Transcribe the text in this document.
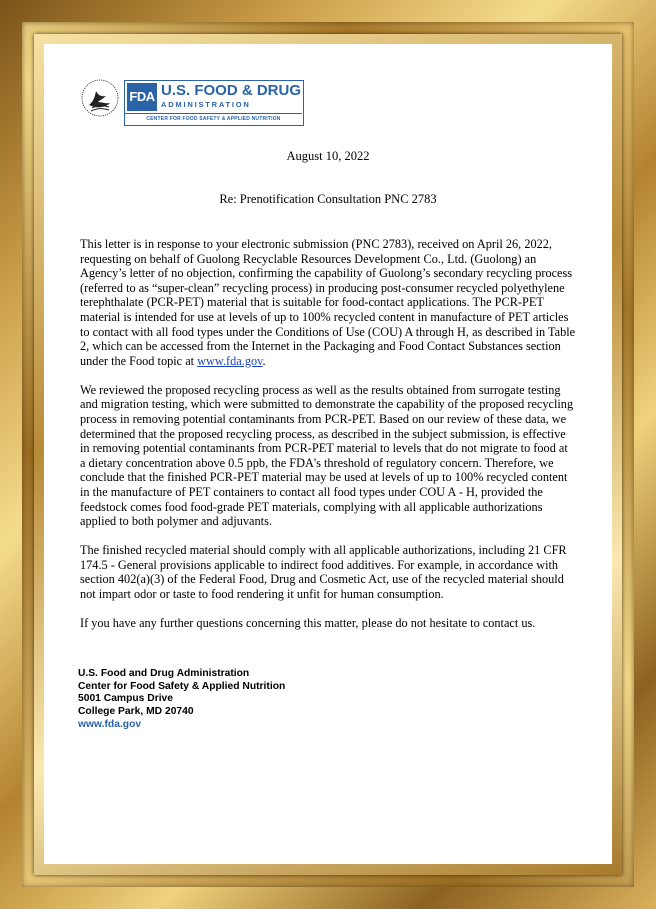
FDA U.S. FOOD & DRUG
ADMINISTRATION
CENTER FOR FOOD SAFETY & APPLIED NUTRITION
August 10, 2022
Re: Prenotification Consultation PNC 2783

This letter is in response to your electronic submission (PNC 2783), received on April 26, 2022, requesting on behalf of Guolong Recyclable Resources Development Co., Ltd. (Guolong) an Agency’s letter of no objection, confirming the capability of Guolong’s secondary recycling process (referred to as “super-clean” recycling process) in producing post-consumer recycled polyethylene terephthalate (PCR-PET) material that is suitable for food-contact applications. The PCR-PET material is intended for use at levels of up to 100% recycled content in manufacture of PET articles to contact with all food types under the Conditions of Use (COU) A through H, as described in Table 2, which can be accessed from the Internet in the Packaging and Food Contact Substances section under the Food topic at www.fda.gov.

We reviewed the proposed recycling process as well as the results obtained from surrogate testing and migration testing, which were submitted to demonstrate the capability of the proposed recycling process in removing potential contaminants from PCR-PET. Based on our review of these data, we determined that the proposed recycling process, as described in the subject submission, is effective in removing potential contaminants from PCR-PET material to levels that do not migrate to food at a dietary concentration above 0.5 ppb, the FDA's threshold of regulatory concern. Therefore, we conclude that the finished PCR-PET material may be used at levels of up to 100% recycled content in the manufacture of PET containers to contact all food types under COU A - H, provided the feedstock comes food food-grade PET materials, complying with all applicable authorizations applied to both polymer and adjuvants.

The finished recycled material should comply with all applicable authorizations, including 21 CFR 174.5 - General provisions applicable to indirect food additives. For example, in accordance with section 402(a)(3) of the Federal Food, Drug and Cosmetic Act, use of the recycled material should not impart odor or taste to food rendering it unfit for human consumption.

If you have any further questions concerning this matter, please do not hesitate to contact us.

U.S. Food and Drug Administration
Center for Food Safety & Applied Nutrition
5001 Campus Drive
College Park, MD 20740
www.fda.gov
